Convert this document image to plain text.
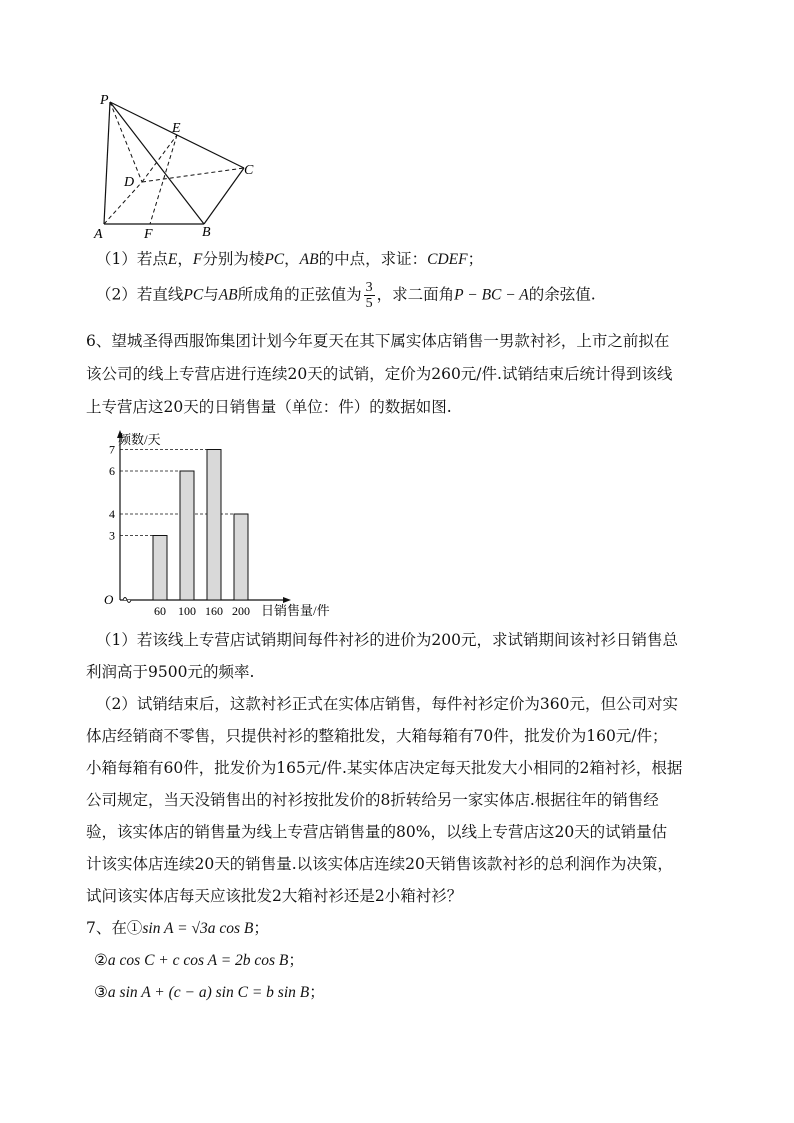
P
E
D
C
A	F	B
（1）若点E，F分别为棱PC，AB的中点，求证：CDEF；
（2）若直线PC与AB所成角的正弦值为 $\frac{3}{5}$ ，求二面角P − BC − A的余弦值.
6、望城圣得西服饰集团计划今年夏天在其下属实体店销售一男款衬衫，上市之前拟在
该公司的线上专营店进行连续20天的试销，定价为260元/件.试销结束后统计得到该线
上专营店这20天的日销售量（单位：件）的数据如图.
O
频数/天
日销售量/件
3
4
6
7
60 100 160 200
（1）若该线上专营店试销期间每件衬衫的进价为200元，求试销期间该衬衫日销售总
利润高于9500元的频率.
（2）试销结束后，这款衬衫正式在实体店销售，每件衬衫定价为360元，但公司对实
体店经销商不零售，只提供衬衫的整箱批发，大箱每箱有70件，批发价为160元/件；
小箱每箱有60件，批发价为165元/件.某实体店决定每天批发大小相同的2箱衬衫，根据
公司规定，当天没销售出的衬衫按批发价的8折转给另一家实体店.根据往年的销售经
验，该实体店的销售量为线上专营店销售量的80%，以线上专营店这20天的试销量估
计该实体店连续20天的销售量.以该实体店连续20天销售该款衬衫的总利润作为决策，
试问该实体店每天应该批发2大箱衬衫还是2小箱衬衫？
7、在①sin A = √3a cos B；
②a cos C + c cos A = 2b cos B；
③a sin A + (c − a) sin C = b sin B；
